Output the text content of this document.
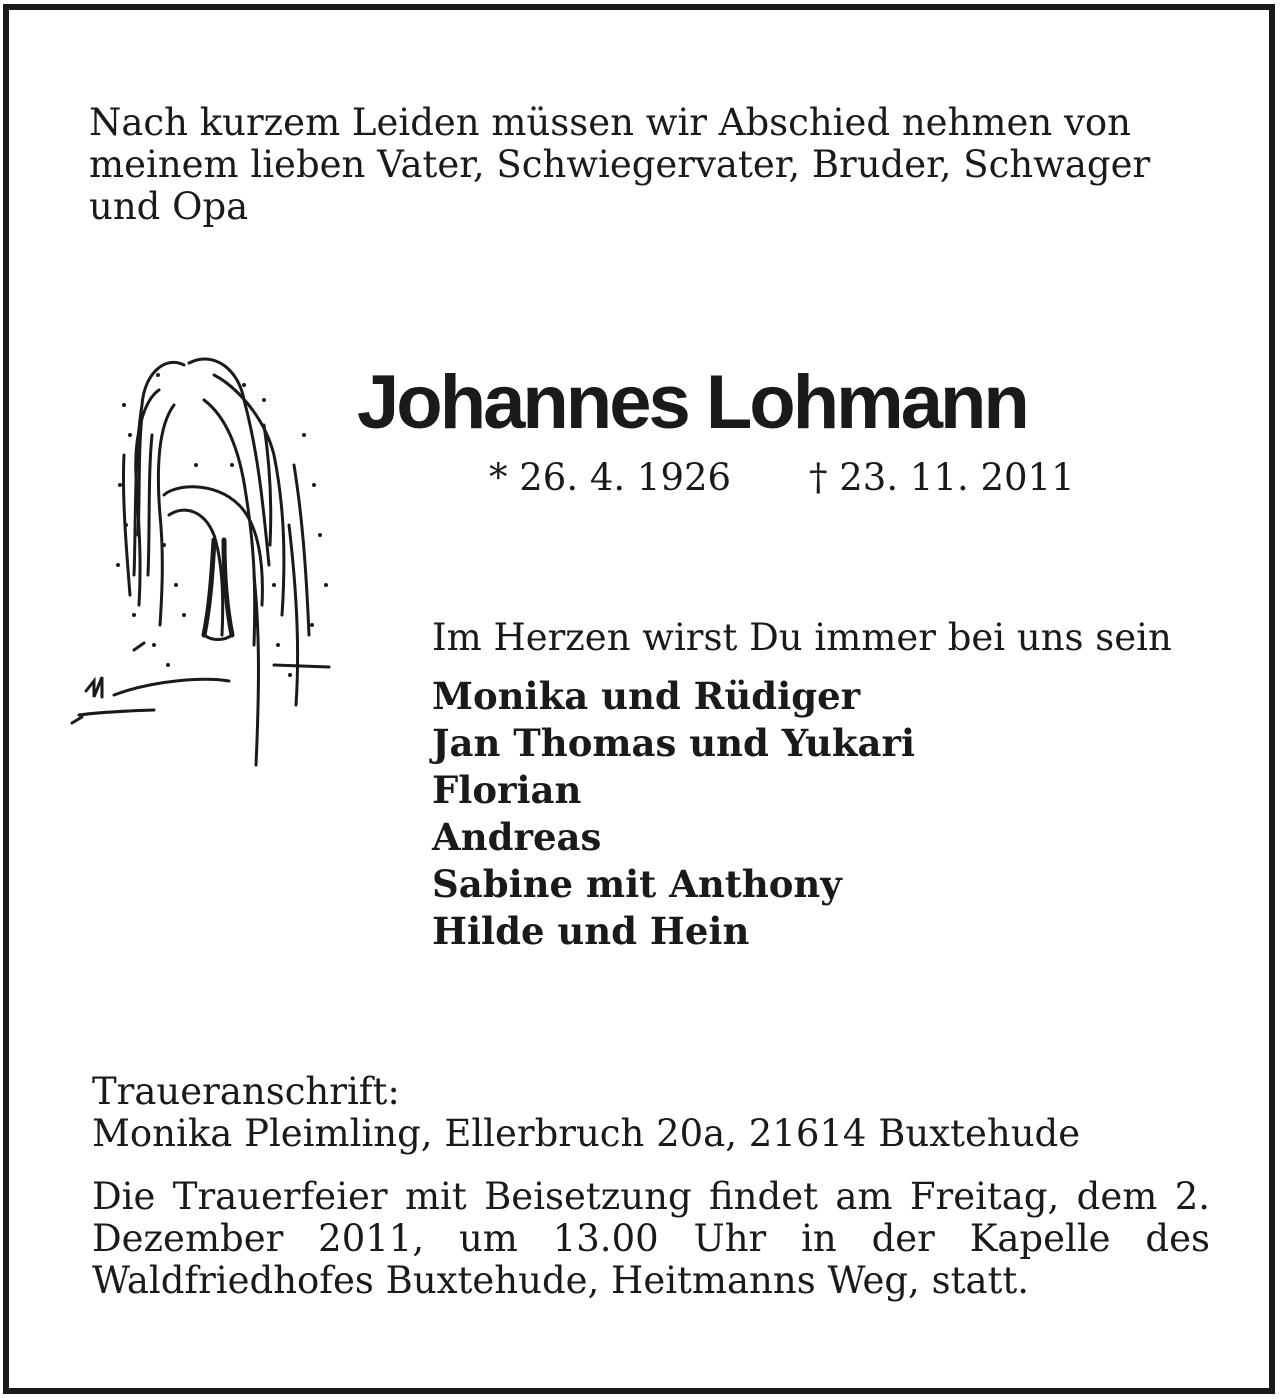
Nach kurzem Leiden müssen wir Abschied nehmen von meinem lieben Vater, Schwiegervater, Bruder, Schwager und Opa

Johannes Lohmann
* 26. 4. 1926 † 23. 11. 2011
Im Herzen wirst Du immer bei uns sein
Monika und Rüdiger
Jan Thomas und Yukari
Florian
Andreas
Sabine mit Anthony
Hilde und Hein
Traueranschrift:
Monika Pleimling, Ellerbruch 20a, 21614 Buxtehude

Die Trauerfeier mit Beisetzung findet am Freitag, dem 2. Dezember 2011, um 13.00 Uhr in der Kapelle des Waldfriedhofes Buxtehude, Heitmanns Weg, statt.
